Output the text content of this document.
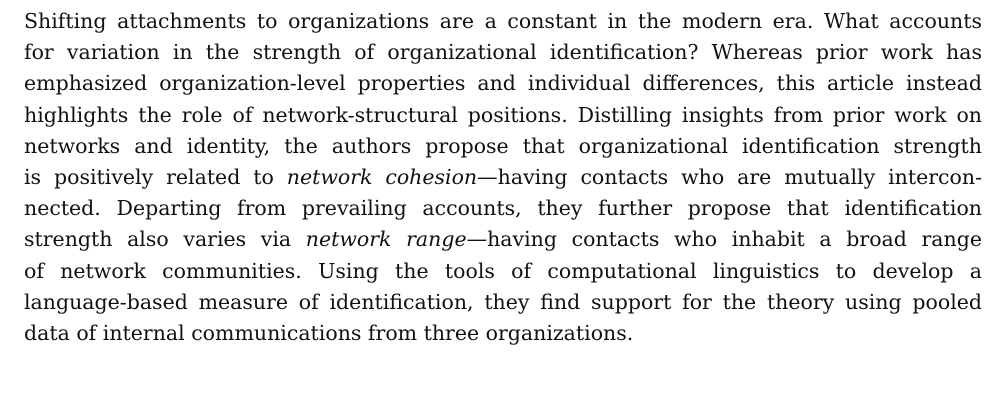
Shifting attachments to organizations are a constant in the modern era. What accounts
for variation in the strength of organizational identification? Whereas prior work has
emphasized organization-level properties and individual differences, this article instead
highlights the role of network-structural positions. Distilling insights from prior work on
networks and identity, the authors propose that organizational identification strength
is positively related to network cohesion—having contacts who are mutually intercon-
nected. Departing from prevailing accounts, they further propose that identification
strength also varies via network range—having contacts who inhabit a broad range
of network communities. Using the tools of computational linguistics to develop a
language-based measure of identification, they find support for the theory using pooled
data of internal communications from three organizations.
